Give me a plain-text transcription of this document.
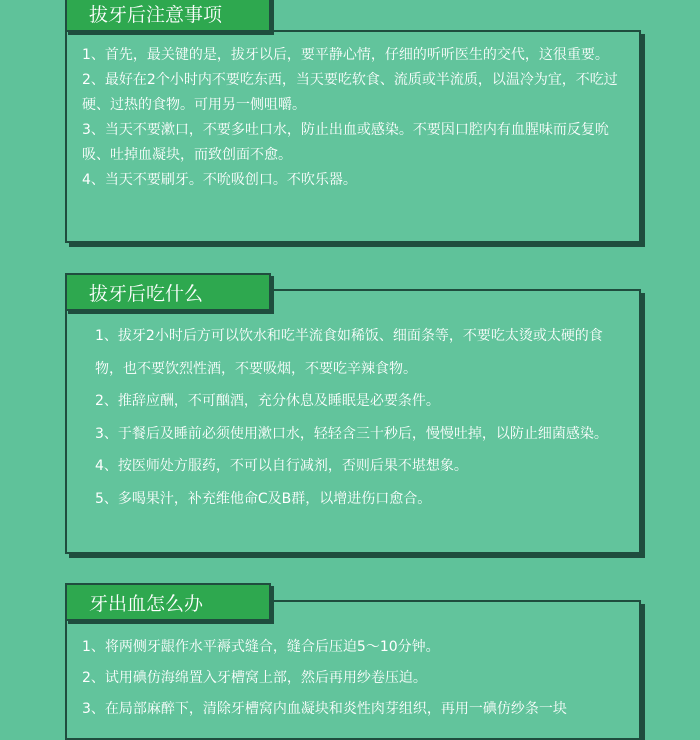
拔牙后注意事项

1、首先，最关键的是，拔牙以后，要平静心情，仔细的听听医生的交代，这很重要。

2、最好在2个小时内不要吃东西，当天要吃软食、流质或半流质，以温冷为宜，不吃过硬、过热的食物。可用另一侧咀嚼。

3、当天不要漱口，不要多吐口水，防止出血或感染。不要因口腔内有血腥味而反复吮吸、吐掉血凝块，而致创面不愈。

4、当天不要刷牙。不吮吸创口。不吹乐器。

拔牙后吃什么

1、拔牙2小时后方可以饮水和吃半流食如稀饭、细面条等，不要吃太烫或太硬的食物，也不要饮烈性酒，不要吸烟，不要吃辛辣食物。

2、推辞应酬，不可酗酒，充分休息及睡眠是必要条件。

3、于餐后及睡前必须使用漱口水，轻轻含三十秒后，慢慢吐掉，以防止细菌感染。

4、按医师处方服药，不可以自行减剂，否则后果不堪想象。

5、多喝果汁，补充维他命C及B群，以增进伤口愈合。

牙出血怎么办

1、将两侧牙龈作水平褥式缝合，缝合后压迫5～10分钟。

2、试用碘仿海绵置入牙槽窝上部，然后再用纱卷压迫。

3、在局部麻醉下，清除牙槽窝内血凝块和炎性肉芽组织，再用一碘仿纱条一块
